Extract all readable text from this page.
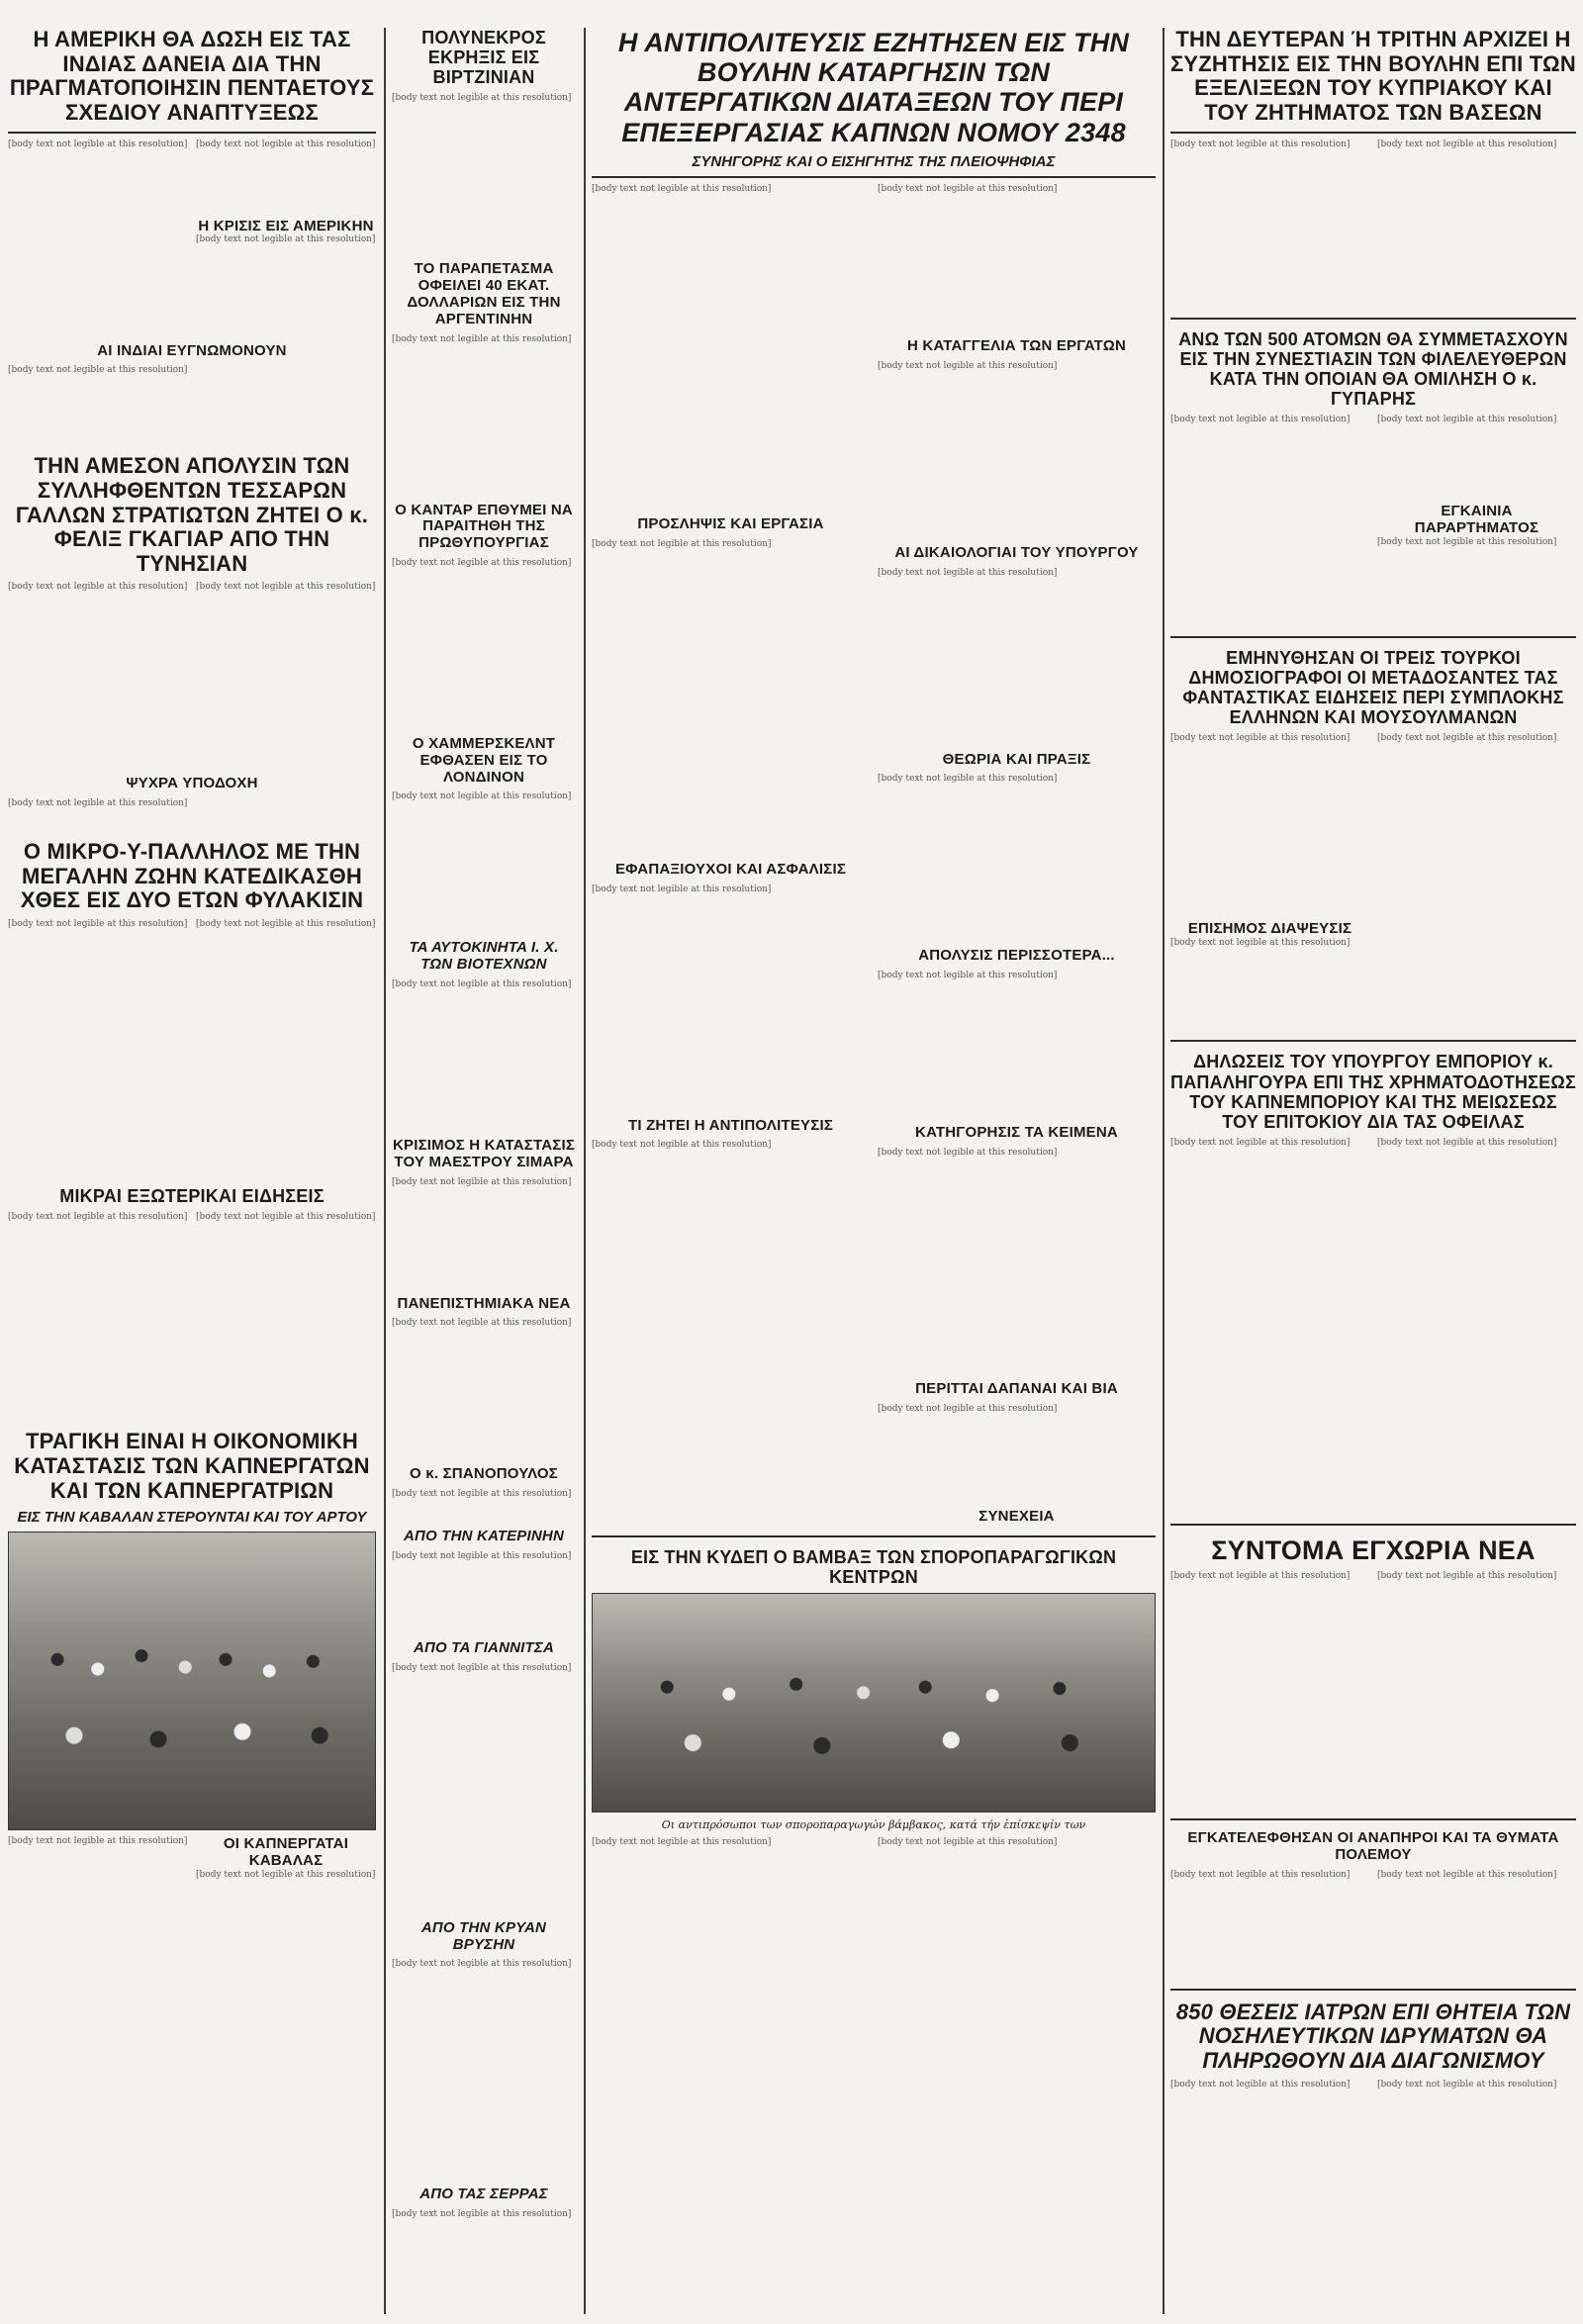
Η ΑΜΕΡΙΚΗ ΘΑ ΔΩΣΗ ΕΙΣ ΤΑΣ ΙΝΔΙΑΣ ΔΑΝΕΙΑ ΔΙΑ ΤΗΝ ΠΡΑΓΜΑΤΟΠΟΙΗΣΙΝ ΠΕΝΤΑΕΤΟΥΣ ΣΧΕΔΙΟΥ ΑΝΑΠΤΥΞΕΩΣ
[body text not legible at this resolution] [body text not legible at this resolution]
Η ΚΡΙΣΙΣ ΕΙΣ ΑΜΕΡΙΚΗΝ
[body text not legible at this resolution]
ΑΙ ΙΝΔΙΑΙ ΕΥΓΝΩΜΟΝΟΥΝ
[body text not legible at this resolution]
ΤΗΝ ΑΜΕΣΟΝ ΑΠΟΛΥΣΙΝ ΤΩΝ ΣΥΛΛΗΦΘΕΝΤΩΝ ΤΕΣΣΑΡΩΝ ΓΑΛΛΩΝ ΣΤΡΑΤΙΩΤΩΝ ΖΗΤΕΙ Ο κ. ΦΕΛΙΞ ΓΚΑΓΙΑΡ ΑΠΟ ΤΗΝ ΤΥΝΗΣΙΑΝ
[body text not legible at this resolution] [body text not legible at this resolution]
ΨΥΧΡΑ ΥΠΟΔΟΧΗ
[body text not legible at this resolution]
Ο ΜΙΚΡΟ-Υ-ΠΑΛΛΗΛΟΣ ΜΕ ΤΗΝ ΜΕΓΑΛΗΝ ΖΩΗΝ ΚΑΤΕΔΙΚΑΣΘΗ ΧΘΕΣ ΕΙΣ ΔΥΟ ΕΤΩΝ ΦΥΛΑΚΙΣΙΝ
[body text not legible at this resolution] [body text not legible at this resolution]
ΜΙΚΡΑΙ ΕΞΩΤΕΡΙΚΑΙ ΕΙΔΗΣΕΙΣ
[body text not legible at this resolution] [body text not legible at this resolution]
ΤΡΑΓΙΚΗ ΕΙΝΑΙ Η ΟΙΚΟΝΟΜΙΚΗ ΚΑΤΑΣΤΑΣΙΣ ΤΩΝ ΚΑΠΝΕΡΓΑΤΩΝ ΚΑΙ ΤΩΝ ΚΑΠΝΕΡΓΑΤΡΙΩΝ
ΕΙΣ ΤΗΝ ΚΑΒΑΛΑΝ ΣΤΕΡΟΥΝΤΑΙ ΚΑΙ ΤΟΥ ΑΡΤΟΥ
[body text not legible at this resolution]	ΟΙ ΚΑΠΝΕΡΓΑΤΑΙ ΚΑΒΑΛΑΣ
[body text not legible at this resolution]
ΠΟΛΥΝΕΚΡΟΣ ΕΚΡΗΞΙΣ ΕΙΣ ΒΙΡΤΖΙΝΙΑΝ
[body text not legible at this resolution]
ΤΟ ΠΑΡΑΠΕΤΑΣΜΑ ΟΦΕΙΛΕΙ 40 ΕΚΑΤ. ΔΟΛΛΑΡΙΩΝ ΕΙΣ ΤΗΝ ΑΡΓΕΝΤΙΝΗΝ
[body text not legible at this resolution]
Ο ΚΑΝΤΑΡ ΕΠΘΥΜΕΙ ΝΑ ΠΑΡΑΙΤΗΘΗ ΤΗΣ ΠΡΩΘΥΠΟΥΡΓΙΑΣ
[body text not legible at this resolution]
Ο ΧΑΜΜΕΡΣΚΕΛΝΤ ΕΦΘΑΣΕΝ ΕΙΣ ΤΟ ΛΟΝΔΙΝΟΝ
[body text not legible at this resolution]
ΤΑ ΑΥΤΟΚΙΝΗΤΑ Ι. Χ. ΤΩΝ ΒΙΟΤΕΧΝΩΝ
[body text not legible at this resolution]
ΚΡΙΣΙΜΟΣ Η ΚΑΤΑΣΤΑΣΙΣ ΤΟΥ ΜΑΕΣΤΡΟΥ ΣΙΜΑΡΑ
[body text not legible at this resolution]
ΠΑΝΕΠΙΣΤΗΜΙΑΚΑ ΝΕΑ
[body text not legible at this resolution]
Ο κ. ΣΠΑΝΟΠΟΥΛΟΣ
[body text not legible at this resolution]
ΑΠΟ ΤΗΝ ΚΑΤΕΡΙΝΗΝ
[body text not legible at this resolution]
ΑΠΟ ΤΑ ΓΙΑΝΝΙΤΣΑ
[body text not legible at this resolution]
ΑΠΟ ΤΗΝ ΚΡΥΑΝ ΒΡΥΣΗΝ
[body text not legible at this resolution]
ΑΠΟ ΤΑΣ ΣΕΡΡΑΣ
[body text not legible at this resolution]
Η ΑΝΤΙΠΟΛΙΤΕΥΣΙΣ ΕΖΗΤΗΣΕΝ ΕΙΣ ΤΗΝ ΒΟΥΛΗΝ ΚΑΤΑΡΓΗΣΙΝ ΤΩΝ ΑΝΤΕΡΓΑΤΙΚΩΝ ΔΙΑΤΑΞΕΩΝ ΤΟΥ ΠΕΡΙ ΕΠΕΞΕΡΓΑΣΙΑΣ ΚΑΠΝΩΝ ΝΟΜΟΥ 2348
ΣΥΝΗΓΟΡΗΣ ΚΑΙ Ο ΕΙΣΗΓΗΤΗΣ ΤΗΣ ΠΛΕΙΟΨΗΦΙΑΣ
[body text not legible at this resolution]
ΠΡΟΣΛΗΨΙΣ ΚΑΙ ΕΡΓΑΣΙΑ
[body text not legible at this resolution]
ΕΦΑΠΑΞΙΟΥΧΟΙ ΚΑΙ ΑΣΦΑΛΙΣΙΣ
[body text not legible at this resolution]
ΤΙ ΖΗΤΕΙ Η ΑΝΤΙΠΟΛΙΤΕΥΣΙΣ
[body text not legible at this resolution]
[body text not legible at this resolution]
Η ΚΑΤΑΓΓΕΛΙΑ ΤΩΝ ΕΡΓΑΤΩΝ
[body text not legible at this resolution]
ΑΙ ΔΙΚΑΙΟΛΟΓΙΑΙ ΤΟΥ ΥΠΟΥΡΓΟΥ
[body text not legible at this resolution]
ΘΕΩΡΙΑ ΚΑΙ ΠΡΑΞΙΣ
[body text not legible at this resolution]
ΑΠΟΛΥΣΙΣ ΠΕΡΙΣΣΟΤΕΡΑ...
[body text not legible at this resolution]
ΚΑΤΗΓΟΡΗΣΙΣ ΤΑ ΚΕΙΜΕΝΑ
[body text not legible at this resolution]
ΠΕΡΙΤΤΑΙ ΔΑΠΑΝΑΙ ΚΑΙ ΒΙΑ
[body text not legible at this resolution]
ΣΥΝΕΧΕΙΑ
ΕΙΣ ΤΗΝ ΚΥΔΕΠ Ο ΒΑΜΒΑΞ ΤΩΝ ΣΠΟΡΟΠΑΡΑΓΩΓΙΚΩΝ ΚΕΝΤΡΩΝ
Οι αντιπρόσωποι των σποροπαραγωγών βάμβακος, κατά τήν ἐπίσκεψίν των
[body text not legible at this resolution]	[body text not legible at this resolution]
ΤΗΝ ΔΕΥΤΕΡΑΝ Ή ΤΡΙΤΗΝ ΑΡΧΙΖΕΙ Η ΣΥΖΗΤΗΣΙΣ ΕΙΣ ΤΗΝ ΒΟΥΛΗΝ ΕΠΙ ΤΩΝ ΕΞΕΛΙΞΕΩΝ ΤΟΥ ΚΥΠΡΙΑΚΟΥ ΚΑΙ ΤΟΥ ΖΗΤΗΜΑΤΟΣ ΤΩΝ ΒΑΣΕΩΝ
[body text not legible at this resolution]	[body text not legible at this resolution]
ΑΝΩ ΤΩΝ 500 ΑΤΟΜΩΝ ΘΑ ΣΥΜΜΕΤΑΣΧΟΥΝ ΕΙΣ ΤΗΝ ΣΥΝΕΣΤΙΑΣΙΝ ΤΩΝ ΦΙΛΕΛΕΥΘΕΡΩΝ ΚΑΤΑ ΤΗΝ ΟΠΟΙΑΝ ΘΑ ΟΜΙΛΗΣΗ Ο κ. ΓΥΠΑΡΗΣ
[body text not legible at this resolution]	[body text not legible at this resolution]
ΕΓΚΑΙΝΙΑ ΠΑΡΑΡΤΗΜΑΤΟΣ
[body text not legible at this resolution]
ΕΜΗΝΥΘΗΣΑΝ ΟΙ ΤΡΕΙΣ ΤΟΥΡΚΟΙ ΔΗΜΟΣΙΟΓΡΑΦΟΙ ΟΙ ΜΕΤΑΔΟΣΑΝΤΕΣ ΤΑΣ ΦΑΝΤΑΣΤΙΚΑΣ ΕΙΔΗΣΕΙΣ ΠΕΡΙ ΣΥΜΠΛΟΚΗΣ ΕΛΛΗΝΩΝ ΚΑΙ ΜΟΥΣΟΥΛΜΑΝΩΝ
[body text not legible at this resolution]
ΕΠΙΣΗΜΟΣ ΔΙΑΨΕΥΣΙΣ
[body text not legible at this resolution]
[body text not legible at this resolution]
ΔΗΛΩΣΕΙΣ ΤΟΥ ΥΠΟΥΡΓΟΥ ΕΜΠΟΡΙΟΥ κ. ΠΑΠΑΛΗΓΟΥΡΑ ΕΠΙ ΤΗΣ ΧΡΗΜΑΤΟΔΟΤΗΣΕΩΣ ΤΟΥ ΚΑΠΝΕΜΠΟΡΙΟΥ ΚΑΙ ΤΗΣ ΜΕΙΩΣΕΩΣ ΤΟΥ ΕΠΙΤΟΚΙΟΥ ΔΙΑ ΤΑΣ ΟΦΕΙΛΑΣ
[body text not legible at this resolution]	[body text not legible at this resolution]
ΣΥΝΤΟΜΑ ΕΓΧΩΡΙΑ ΝΕΑ
[body text not legible at this resolution]	[body text not legible at this resolution]
ΕΓΚΑΤΕΛΕΦΘΗΣΑΝ ΟΙ ΑΝΑΠΗΡΟΙ ΚΑΙ ΤΑ ΘΥΜΑΤΑ ΠΟΛΕΜΟΥ
[body text not legible at this resolution]	[body text not legible at this resolution]
850 ΘΕΣΕΙΣ ΙΑΤΡΩΝ ΕΠΙ ΘΗΤΕΙΑ ΤΩΝ ΝΟΣΗΛΕΥΤΙΚΩΝ ΙΔΡΥΜΑΤΩΝ ΘΑ ΠΛΗΡΩΘΟΥΝ ΔΙΑ ΔΙΑΓΩΝΙΣΜΟΥ
[body text not legible at this resolution]	[body text not legible at this resolution]
